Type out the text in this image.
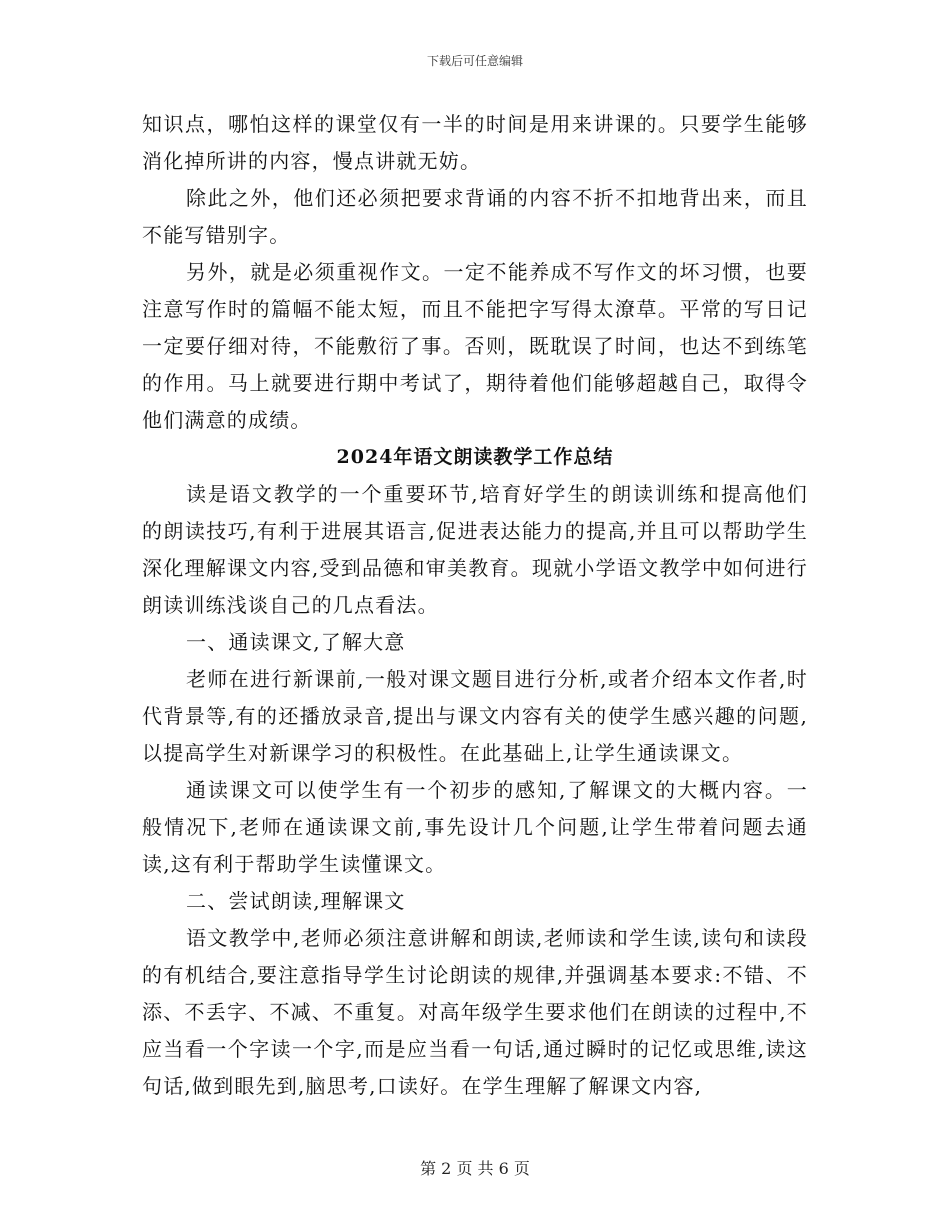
下载后可任意编辑

知识点，哪怕这样的课堂仅有一半的时间是用来讲课的。只要学生能够消化掉所讲的内容，慢点讲就无妨。

除此之外，他们还必须把要求背诵的内容不折不扣地背出来，而且不能写错别字。

另外，就是必须重视作文。一定不能养成不写作文的坏习惯，也要注意写作时的篇幅不能太短，而且不能把字写得太潦草。平常的写日记一定要仔细对待，不能敷衍了事。否则，既耽误了时间，也达不到练笔的作用。马上就要进行期中考试了，期待着他们能够超越自己，取得令他们满意的成绩。

2024年语文朗读教学工作总结

读是语文教学的一个重要环节,培育好学生的朗读训练和提高他们的朗读技巧,有利于进展其语言,促进表达能力的提高,并且可以帮助学生深化理解课文内容,受到品德和审美教育。现就小学语文教学中如何进行朗读训练浅谈自己的几点看法。

一、通读课文,了解大意

老师在进行新课前,一般对课文题目进行分析,或者介绍本文作者,时代背景等,有的还播放录音,提出与课文内容有关的使学生感兴趣的问题,以提高学生对新课学习的积极性。在此基础上,让学生通读课文。

通读课文可以使学生有一个初步的感知,了解课文的大概内容。一般情况下,老师在通读课文前,事先设计几个问题,让学生带着问题去通读,这有利于帮助学生读懂课文。

二、尝试朗读,理解课文

语文教学中,老师必须注意讲解和朗读,老师读和学生读,读句和读段的有机结合,要注意指导学生讨论朗读的规律,并强调基本要求:不错、不添、不丢字、不减、不重复。对高年级学生要求他们在朗读的过程中,不应当看一个字读一个字,而是应当看一句话,通过瞬时的记忆或思维,读这句话,做到眼先到,脑思考,口读好。在学生理解了解课文内容,

第 2 页 共 6 页
